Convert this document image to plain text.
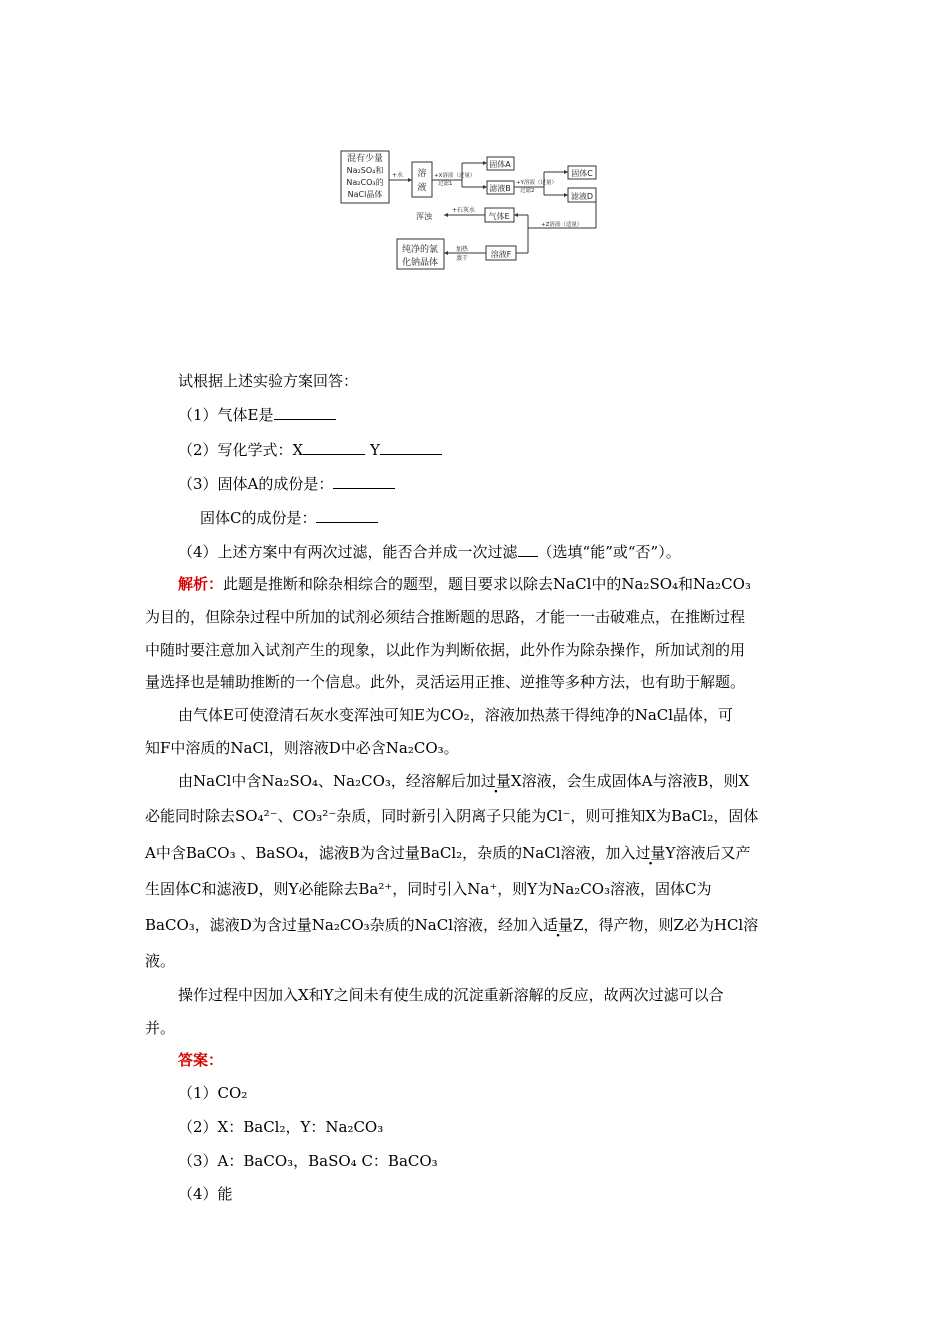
混有少量
Na₂SO₄和
Na₂CO₃的
NaCl晶体
溶
液
固体A
滤液B
固体C
滤液D
气体E
溶液F
纯净的氯
化钠晶体
+水	+X溶液（过量）
过滤1	+Y溶液（过量）
过滤2
+石灰水
浑浊
+Z溶液（适量）
加热
蒸干
试根据上述实验方案回答：
（1）气体E是
（2）写化学式：X	Y
（3）固体A的成份是：
固体C的成份是：
（4）上述方案中有两次过滤，能否合并成一次过滤 （选填“能”或“否”）。
解析：此题是推断和除杂相综合的题型，题目要求以除去NaCl中的Na₂SO₄和Na₂CO₃
为目的，但除杂过程中所加的试剂必须结合推断题的思路，才能一一击破难点，在推断过程
中随时要注意加入试剂产生的现象，以此作为判断依据，此外作为除杂操作，所加试剂的用
量选择也是辅助推断的一个信息。此外，灵活运用正推、逆推等多种方法，也有助于解题。
由气体E可使澄清石灰水变浑浊可知E为CO₂，溶液加热蒸干得纯净的NaCl晶体，可
知F中溶质的NaCl，则溶液D中必含Na₂CO₃。
由NaCl中含Na₂SO₄、Na₂CO₃，经溶解后加过量X溶液，会生成固体A与溶液B，则X
必能同时除去SO₄²⁻、CO₃²⁻杂质，同时新引入阴离子只能为Cl⁻，则可推知X为BaCl₂，固体
A中含BaCO₃ 、BaSO₄，滤液B为含过量BaCl₂，杂质的NaCl溶液，加入过量Y溶液后又产
生固体C和滤液D，则Y必能除去Ba²⁺，同时引入Na⁺，则Y为Na₂CO₃溶液，固体C为
BaCO₃，滤液D为含过量Na₂CO₃杂质的NaCl溶液，经加入适量Z，得产物，则Z必为HCl溶
液。
操作过程中因加入X和Y之间未有使生成的沉淀重新溶解的反应，故两次过滤可以合
并。
答案：
（1）CO₂
（2）X：BaCl₂，Y：Na₂CO₃
（3）A：BaCO₃，BaSO₄ C：BaCO₃
（4）能
